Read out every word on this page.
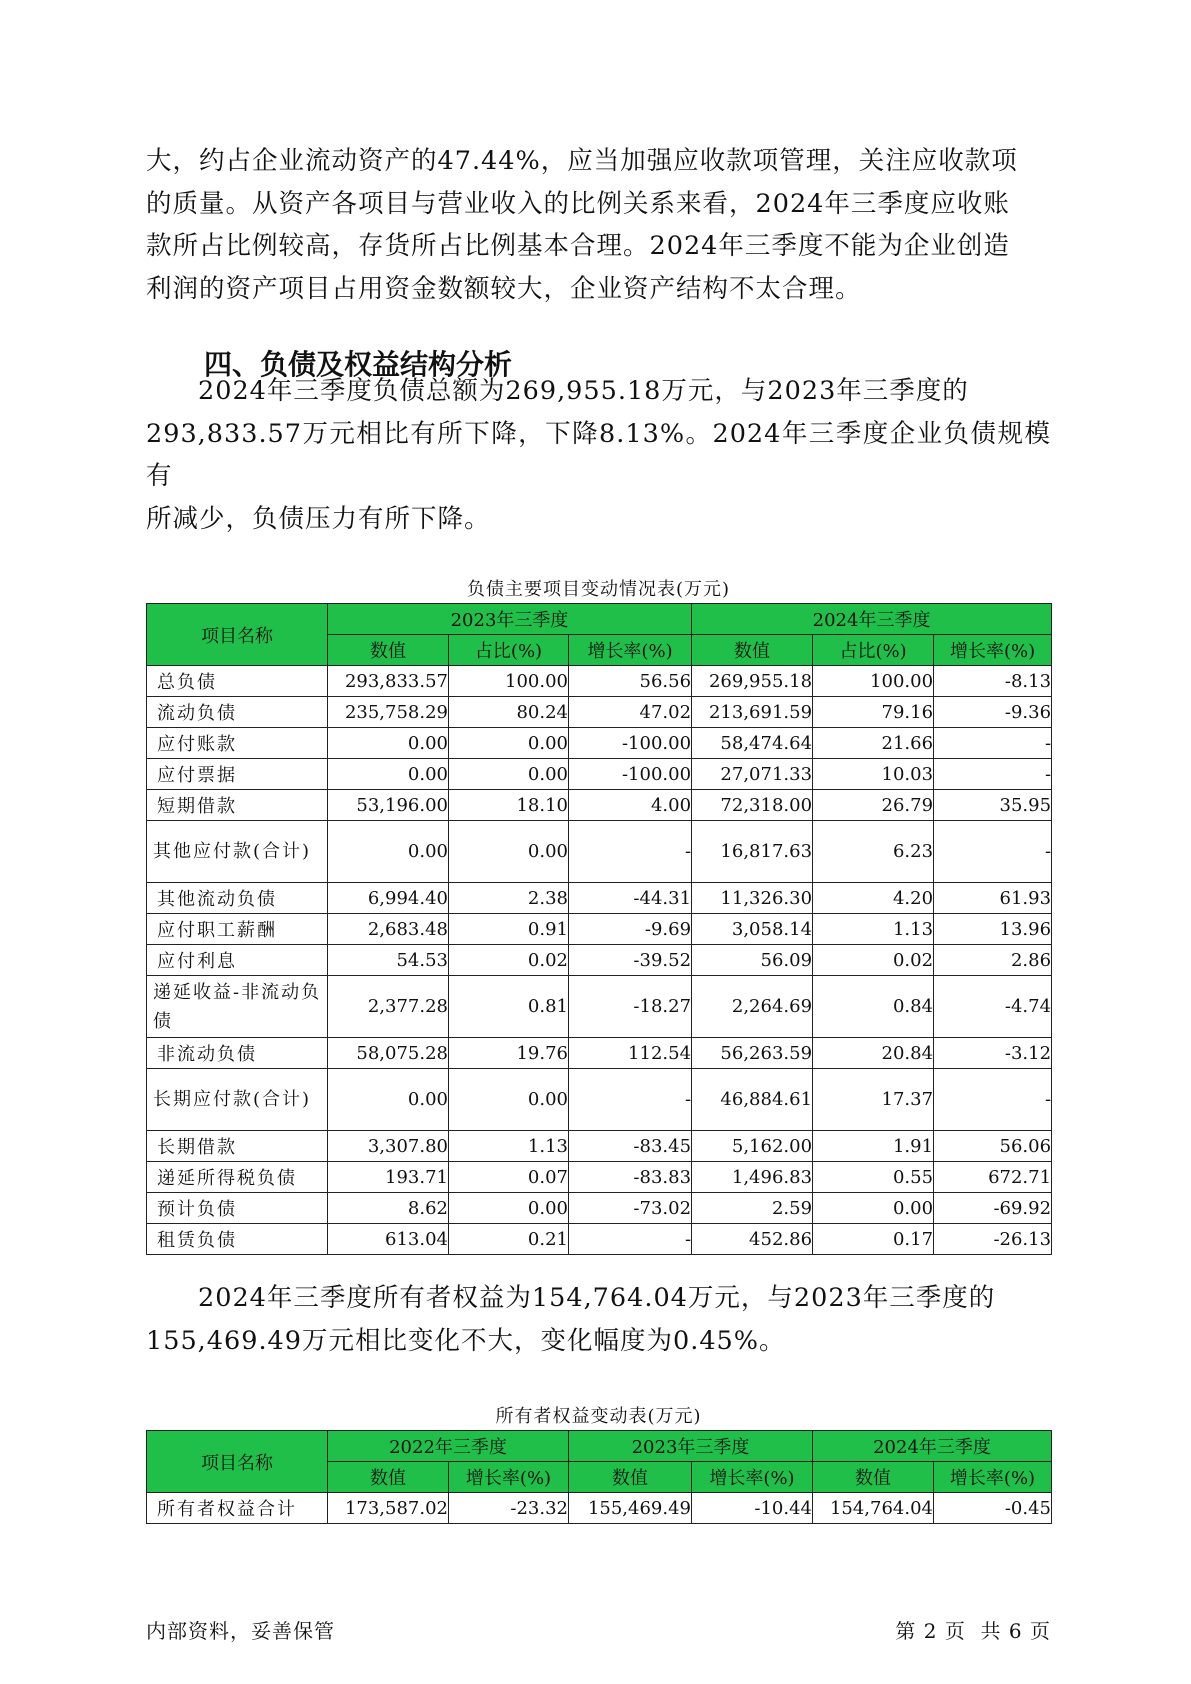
大，约占企业流动资产的47.44%，应当加强应收款项管理，关注应收款项
的质量。从资产各项目与营业收入的比例关系来看，2024年三季度应收账
款所占比例较高，存货所占比例基本合理。2024年三季度不能为企业创造
利润的资产项目占用资金数额较大，企业资产结构不太合理。
四、负债及权益结构分析
2024年三季度负债总额为269,955.18万元，与2023年三季度的
293,833.57万元相比有所下降，下降8.13%。2024年三季度企业负债规模有
所减少，负债压力有所下降。
负债主要项目变动情况表(万元)
项目名称	2023年三季度			2024年三季度		
	数值	占比(%)	增长率(%)	数值	占比(%)	增长率(%)
总负债	293,833.57	100.00	56.56	269,955.18	100.00	-8.13
流动负债	235,758.29	80.24	47.02	213,691.59	79.16	-9.36
应付账款	0.00	0.00	-100.00	58,474.64	21.66	-
应付票据	0.00	0.00	-100.00	27,071.33	10.03	-
短期借款	53,196.00	18.10	4.00	72,318.00	26.79	35.95
其他应付款(合计)	0.00	0.00	-	16,817.63	6.23	-
其他流动负债	6,994.40	2.38	-44.31	11,326.30	4.20	61.93
应付职工薪酬	2,683.48	0.91	-9.69	3,058.14	1.13	13.96
应付利息	54.53	0.02	-39.52	56.09	0.02	2.86
递延收益-非流动负债	2,377.28	0.81	-18.27	2,264.69	0.84	-4.74
非流动负债	58,075.28	19.76	112.54	56,263.59	20.84	-3.12
长期应付款(合计)	0.00	0.00	-	46,884.61	17.37	-
长期借款	3,307.80	1.13	-83.45	5,162.00	1.91	56.06
递延所得税负债	193.71	0.07	-83.83	1,496.83	0.55	672.71
预计负债	8.62	0.00	-73.02	2.59	0.00	-69.92
租赁负债	613.04	0.21	-	452.86	0.17	-26.13
2024年三季度所有者权益为154,764.04万元，与2023年三季度的
155,469.49万元相比变化不大，变化幅度为0.45%。
所有者权益变动表(万元)
项目名称	2022年三季度		2023年三季度		2024年三季度	
	数值	增长率(%)	数值	增长率(%)	数值	增长率(%)
所有者权益合计	173,587.02	-23.32	155,469.49	-10.44	154,764.04	-0.45
内部资料，妥善保管	第 2 页  共 6 页
